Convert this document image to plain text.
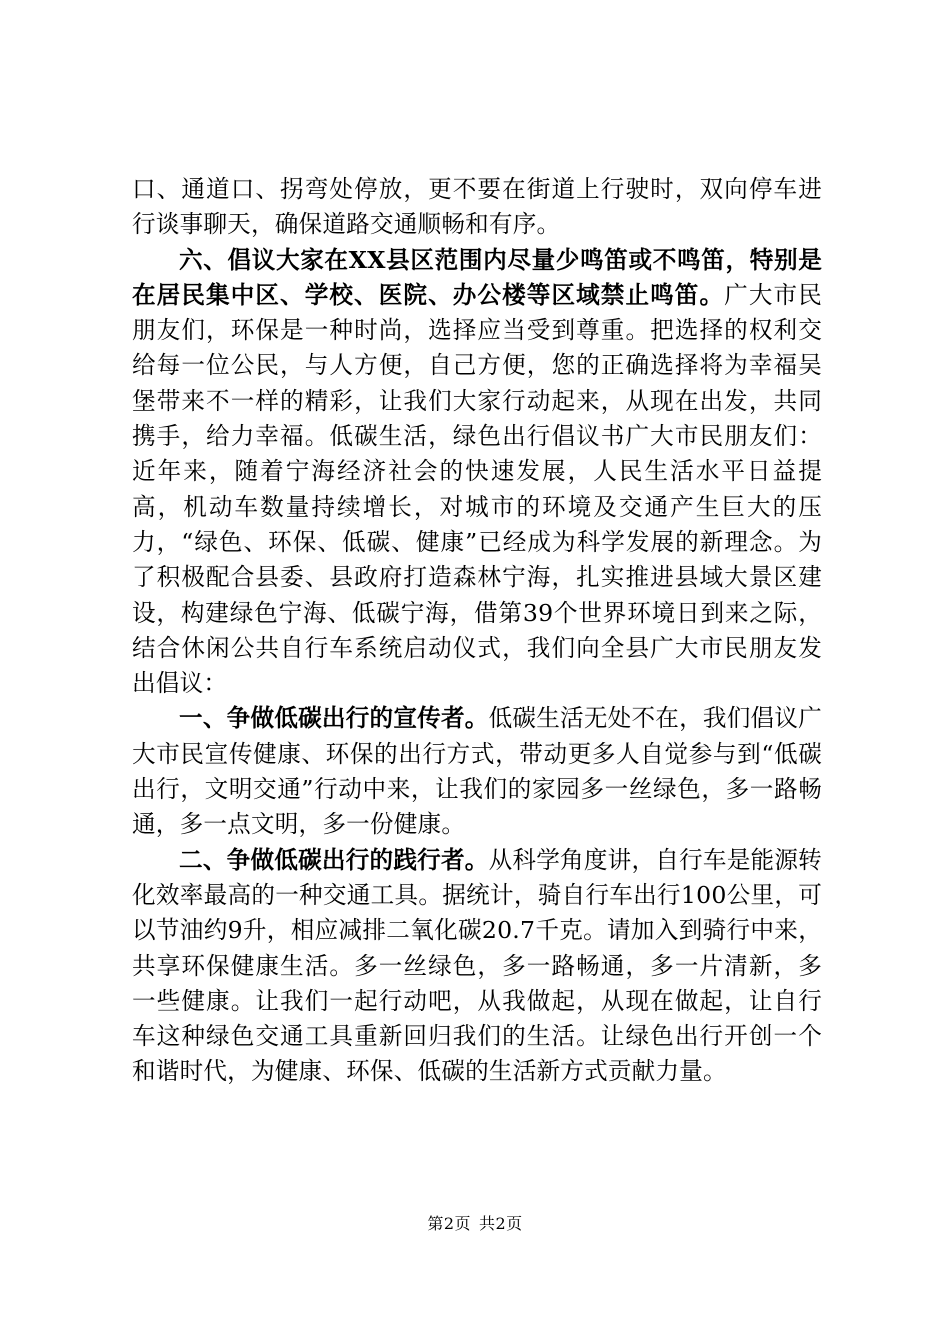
口、通道口、拐弯处停放，更不要在街道上行驶时，双向停车进行谈事聊天，确保道路交通顺畅和有序。

六、倡议大家在XX县区范围内尽量少鸣笛或不鸣笛，特别是在居民集中区、学校、医院、办公楼等区域禁止鸣笛。广大市民朋友们，环保是一种时尚，选择应当受到尊重。把选择的权利交给每一位公民，与人方便，自己方便，您的正确选择将为幸福吴堡带来不一样的精彩，让我们大家行动起来，从现在出发，共同携手，给力幸福。低碳生活，绿色出行倡议书广大市民朋友们：近年来，随着宁海经济社会的快速发展，人民生活水平日益提高，机动车数量持续增长，对城市的环境及交通产生巨大的压力，“绿色、环保、低碳、健康”已经成为科学发展的新理念。为了积极配合县委、县政府打造森林宁海，扎实推进县域大景区建设，构建绿色宁海、低碳宁海，借第39个世界环境日到来之际，结合休闲公共自行车系统启动仪式，我们向全县广大市民朋友发出倡议：

一、争做低碳出行的宣传者。低碳生活无处不在，我们倡议广大市民宣传健康、环保的出行方式，带动更多人自觉参与到“低碳出行，文明交通”行动中来，让我们的家园多一丝绿色，多一路畅通，多一点文明，多一份健康。

二、争做低碳出行的践行者。从科学角度讲，自行车是能源转化效率最高的一种交通工具。据统计，骑自行车出行100公里，可以节油约9升，相应减排二氧化碳20.7千克。请加入到骑行中来，共享环保健康生活。多一丝绿色，多一路畅通，多一片清新，多一些健康。让我们一起行动吧，从我做起，从现在做起，让自行车这种绿色交通工具重新回归我们的生活。让绿色出行开创一个和谐时代，为健康、环保、低碳的生活新方式贡献力量。

第2页 共2页
